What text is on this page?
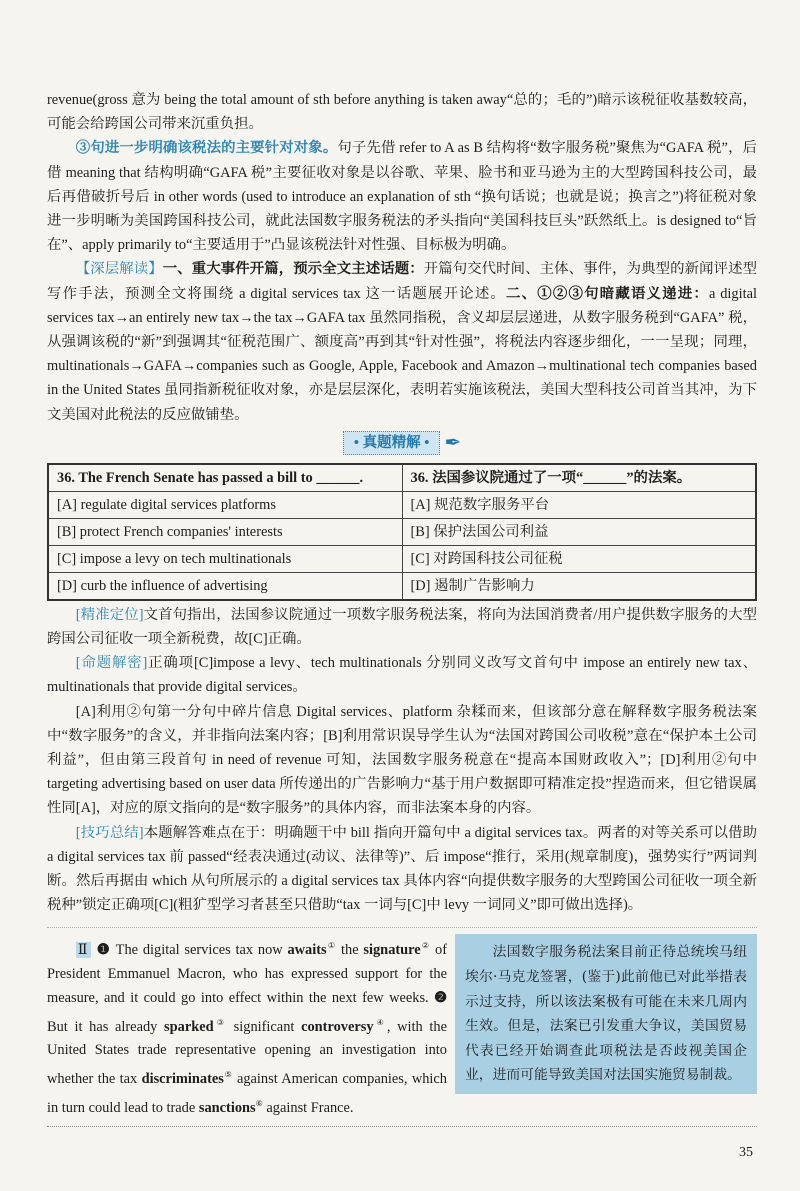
revenue(gross 意为 being the total amount of sth before anything is taken away“总的；毛的”)暗示该税征收基数较高，可能会给跨国公司带来沉重负担。

③句进一步明确该税法的主要针对对象。句子先借 refer to A as B 结构将“数字服务税”聚焦为“GAFA 税”，后借 meaning that 结构明确“GAFA 税”主要征收对象是以谷歌、苹果、脸书和亚马逊为主的大型跨国科技公司，最后再借破折号后 in other words (used to introduce an explanation of sth “换句话说；也就是说；换言之”)将征税对象进一步明晰为美国跨国科技公司，就此法国数字服务税法的矛头指向“美国科技巨头”跃然纸上。is designed to“旨在”、apply primarily to“主要适用于”凸显该税法针对性强、目标极为明确。

【深层解读】一、重大事件开篇，预示全文主述话题：开篇句交代时间、主体、事件，为典型的新闻评述型写作手法，预测全文将围绕 a digital services tax 这一话题展开论述。二、①②③句暗藏语义递进：a digital services tax→an entirely new tax→the tax→GAFA tax 虽然同指税，含义却层层递进，从数字服务税到“GAFA” 税，从强调该税的“新”到强调其“征税范围广、额度高”再到其“针对性强”，将税法内容逐步细化，一一呈现；同理，multinationals→GAFA→companies such as Google, Apple, Facebook and Amazon→multinational tech companies based in the United States 虽同指新税征收对象，亦是层层深化，表明若实施该税法，美国大型科技公司首当其冲，为下文美国对此税法的反应做铺垫。

• 真题精解 • ✒
36. The French Senate has passed a bill to ______.	36. 法国参议院通过了一项“______”的法案。
[A] regulate digital services platforms	[A] 规范数字服务平台
[B] protect French companies' interests	[B] 保护法国公司利益
[C] impose a levy on tech multinationals	[C] 对跨国科技公司征税
[D] curb the influence of advertising	[D] 遏制广告影响力

[精准定位]文首句指出，法国参议院通过一项数字服务税法案，将向为法国消费者/用户提供数字服务的大型跨国公司征收一项全新税费，故[C]正确。

[命题解密]正确项[C]impose a levy、tech multinationals 分别同义改写文首句中 impose an entirely new tax、multinationals that provide digital services。

[A]利用②句第一分句中碎片信息 Digital services、platform 杂糅而来，但该部分意在解释数字服务税法案中“数字服务”的含义，并非指向法案内容；[B]利用常识误导学生认为“法国对跨国公司收税”意在“保护本土公司利益”，但由第三段首句 in need of revenue 可知，法国数字服务税意在“提高本国财政收入”；[D]利用②句中 targeting advertising based on user data 所传递出的广告影响力“基于用户数据即可精准定投”捏造而来，但它错误属性同[A]，对应的原文指向的是“数字服务”的具体内容，而非法案本身的内容。

[技巧总结]本题解答难点在于：明确题干中 bill 指向开篇句中 a digital services tax。两者的对等关系可以借助 a digital services tax 前 passed“经表决通过(动议、法律等)”、后 impose“推行，采用(规章制度)，强势实行”两词判断。然后再据由 which 从句所展示的 a digital services tax 具体内容“向提供数字服务的大型跨国公司征收一项全新税种”锁定正确项[C](粗犷型学习者甚至只借助“tax 一词与[C]中 levy 一词同义”即可做出选择)。

Ⅱ ❶ The digital services tax now awaits① the signature② of President Emmanuel Macron, who has expressed support for the measure, and it could go into effect within the next few weeks. ❷ But it has already sparked③ significant controversy④, with the United States trade representative opening an investigation into whether the tax discriminates⑤ against American companies, which in turn could lead to trade sanctions⑥ against France.

法国数字服务税法案目前正待总统埃马纽埃尔·马克龙签署，(鉴于)此前他已对此举措表示过支持，所以该法案极有可能在未来几周内生效。但是，法案已引发重大争议，美国贸易代表已经开始调查此项税法是否歧视美国企业，进而可能导致美国对法国实施贸易制裁。
35
